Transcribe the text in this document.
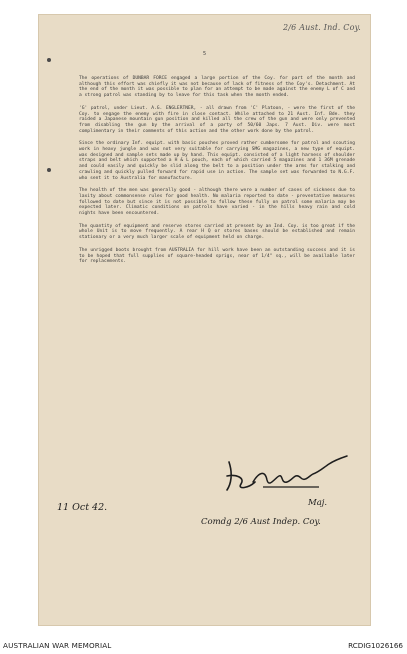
2/6 Aust. Ind. Coy.
5

The operations of DUNBAR FORCE engaged a large portion of the Coy. for part of the month and although this effort was chiefly it was not because of lack of fitness of the Coy's. Detachment. At the end of the month it was possible to plan for an attempt to be made against the enemy L of C and a strong patrol was standing by to leave for this task when the month ended.

'G' patrol, under Lieut. A.G. ENGLERTNER, - all drawn from 'C' Platoon, - were the first of the Coy. to engage the enemy with fire in close contact. While attached to 21 Aust. Inf. Bde. they raided a Japanese mountain gun position and killed all the crew of the gun and were only prevented from disabling the gun by the arrival of a party of 50/60 Japs. 7 Aust. Div. were most complimentary in their comments of this action and the other work done by the patrol.

Since the ordinary Inf. equipt. with basic pouches proved rather cumbersome for patrol and scouting work in heavy jungle and was not very suitable for carrying SMG magazines, a new type of equipt. was designed and sample sets made up by hand. This equipt. consisted of a light harness of shoulder straps and belt which supported a H & L pouch, each of which carried 5 magazines and 1 36M grenade and could easily and quickly be slid along the belt to a position under the arms for stalking and crawling and quickly pulled forward for rapid use in action. The sample set was forwarded to N.G.F. who sent it to Australia for manufacture.

The health of the men was generally good - although there were a number of cases of sickness due to laxity about commonsense rules for good health. No malaria reported to date - preventative measures followed to date but since it is not possible to follow these fully on patrol some malaria may be expected later. Climatic conditions on patrols have varied - in the hills heavy rain and cold nights have been encountered.

The quantity of equipment and reserve stores carried at present by an Ind. Coy. is too great if the whole Unit is to move frequently. A rear H Q or stores bases should be established and remain stationary or a very much larger scale of equipment held on charge.

The unrigged boots brought from AUSTRALIA for hill work have been an outstanding success and it is to be hoped that full supplies of square-headed sprigs, near of 1/4" sq., will be available later for replacements.

11 Oct 42.	Maj.
Comdg 2/6 Aust Indep. Coy.
AUSTRALIAN WAR MEMORIAL	RCDIG1026166
